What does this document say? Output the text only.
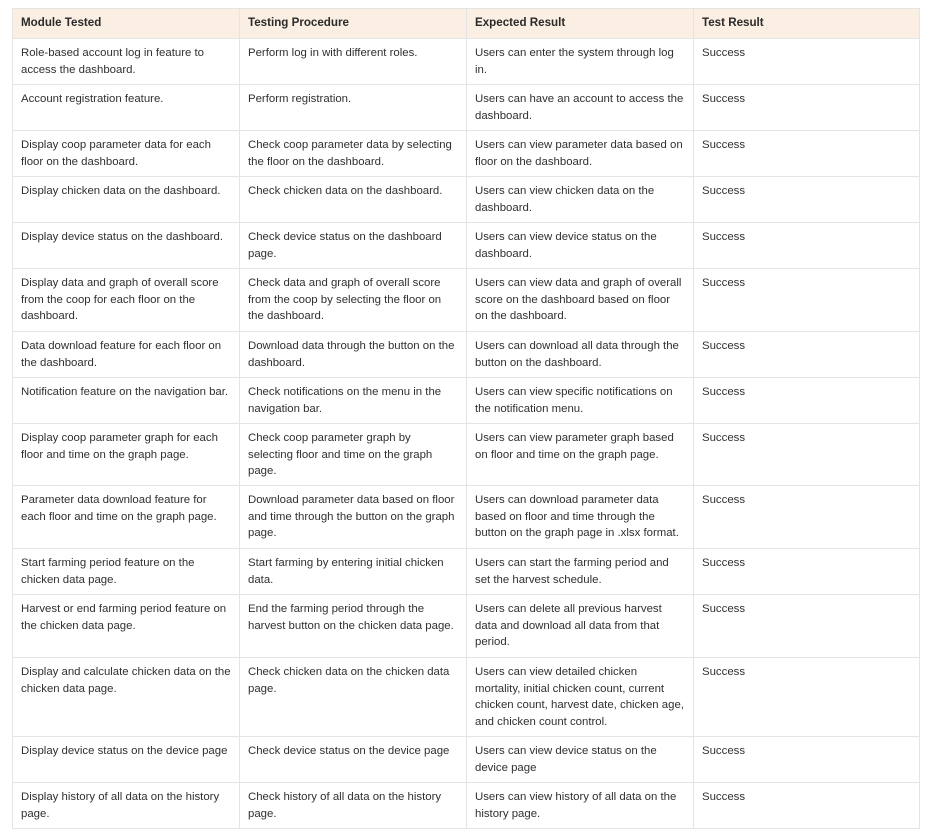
Module Tested	Testing Procedure	Expected Result	Test Result
Role-based account log in feature to access the dashboard.	Perform log in with different roles.	Users can enter the system through log in.	Success
Account registration feature.	Perform registration.	Users can have an account to access the dashboard.	Success
Display coop parameter data for each floor on the dashboard.	Check coop parameter data by selecting the floor on the dashboard.	Users can view parameter data based on floor on the dashboard.	Success
Display chicken data on the dashboard.	Check chicken data on the dashboard.	Users can view chicken data on the dashboard.	Success
Display device status on the dashboard.	Check device status on the dashboard page.	Users can view device status on the dashboard.	Success
Display data and graph of overall score from the coop for each floor on the dashboard.	Check data and graph of overall score from the coop by selecting the floor on the dashboard.	Users can view data and graph of overall score on the dashboard based on floor on the dashboard.	Success
Data download feature for each floor on the dashboard.	Download data through the button on the dashboard.	Users can download all data through the button on the dashboard.	Success
Notification feature on the navigation bar.	Check notifications on the menu in the navigation bar.	Users can view specific notifications on the notification menu.	Success
Display coop parameter graph for each floor and time on the graph page.	Check coop parameter graph by selecting floor and time on the graph page.	Users can view parameter graph based on floor and time on the graph page.	Success
Parameter data download feature for each floor and time on the graph page.	Download parameter data based on floor and time through the button on the graph page.	Users can download parameter data based on floor and time through the button on the graph page in .xlsx format.	Success
Start farming period feature on the chicken data page.	Start farming by entering initial chicken data.	Users can start the farming period and set the harvest schedule.	Success
Harvest or end farming period feature on the chicken data page.	End the farming period through the harvest button on the chicken data page.	Users can delete all previous harvest data and download all data from that period.	Success
Display and calculate chicken data on the chicken data page.	Check chicken data on the chicken data page.	Users can view detailed chicken mortality, initial chicken count, current chicken count, harvest date, chicken age, and chicken count control.	Success
Display device status on the device page	Check device status on the device page	Users can view device status on the device page	Success
Display history of all data on the history page.	Check history of all data on the history page.	Users can view history of all data on the history page.	Success
